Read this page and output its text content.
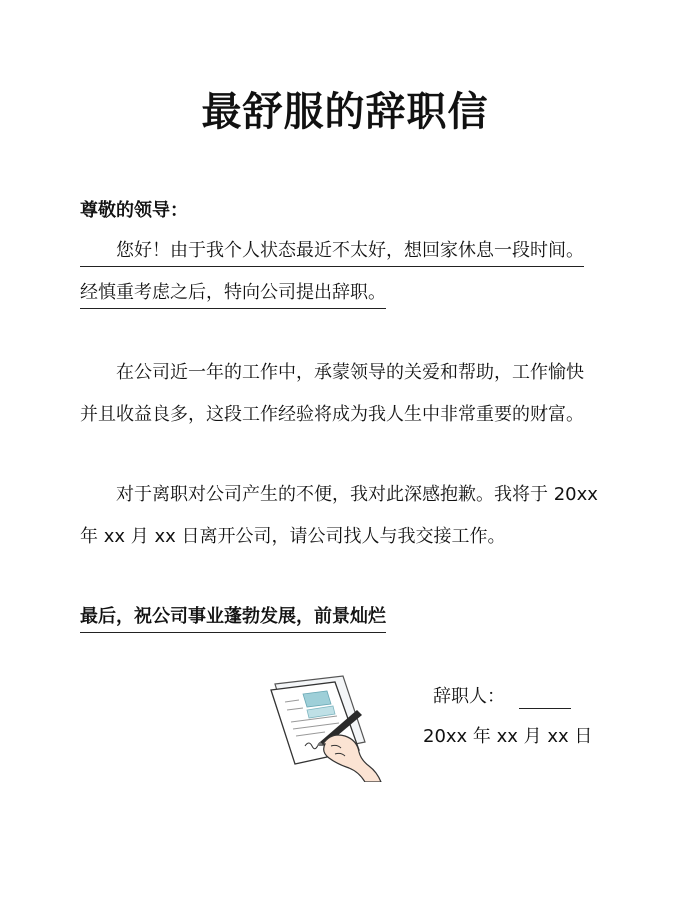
最舒服的辞职信
尊敬的领导：
　　您好！由于我个人状态最近不太好，想回家休息一段时间。
经慎重考虑之后，特向公司提出辞职。
　　在公司近一年的工作中，承蒙领导的关爱和帮助，工作愉快
并且收益良多，这段工作经验将成为我人生中非常重要的财富。
　　对于离职对公司产生的不便，我对此深感抱歉。我将于 20xx
年 xx 月 xx 日离开公司，请公司找人与我交接工作。
最后，祝公司事业蓬勃发展，前景灿烂
辞职人：
20xx 年 xx 月 xx 日
